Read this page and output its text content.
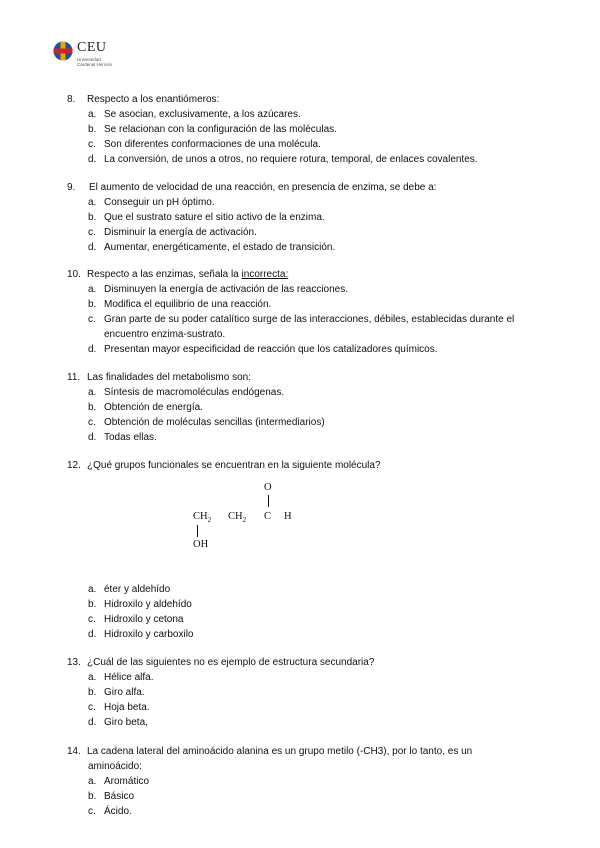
CEU
Universidad
Cardenal Herrera
8. Respecto a los enantiómeros:
a. Se asocian, exclusivamente, a los azúcares.
b. Se relacionan con la configuración de las moléculas.
c. Son diferentes conformaciones de una molécula.
d. La conversión, de unos a otros, no requiere rotura, temporal, de enlaces covalentes.
9. El aumento de velocidad de una reacción, en presencia de enzima, se debe a:
a. Conseguir un pH óptimo.
b. Que el sustrato sature el sitio activo de la enzima.
c. Disminuir la energía de activación.
d. Aumentar, energéticamente, el estado de transición.
10. Respecto a las enzimas, señala la incorrecta:
a. Disminuyen la energía de activación de las reacciones.
b. Modifica el equilibrio de una reacción.
c. Gran parte de su poder catalítico surge de las interacciones, débiles, establecidas durante el encuentro enzima-sustrato.
d. Presentan mayor especificidad de reacción que los catalizadores químicos.
11. Las finalidades del metabolismo son:
a. Síntesis de macromoléculas endógenas.
b. Obtención de energía.
c. Obtención de moléculas sencillas (intermediarios)
d. Todas ellas.
12. ¿Qué grupos funcionales se encuentran en la siguiente molécula?
O
$CH_2$ $CH_2$ C H
OH
a. éter y aldehído
b. Hidroxilo y aldehído
c. Hidroxilo y cetona
d. Hidroxilo y carboxilo
13. ¿Cuál de las siguientes no es ejemplo de estructura secundaria?
a. Hélice alfa.
b. Giro alfa.
c. Hoja beta.
d. Giro beta,
14. La cadena lateral del aminoácido alanina es un grupo metilo (-CH3), por lo tanto, es un
aminoácido:
a. Aromático
b. Básico
c. Ácido.
